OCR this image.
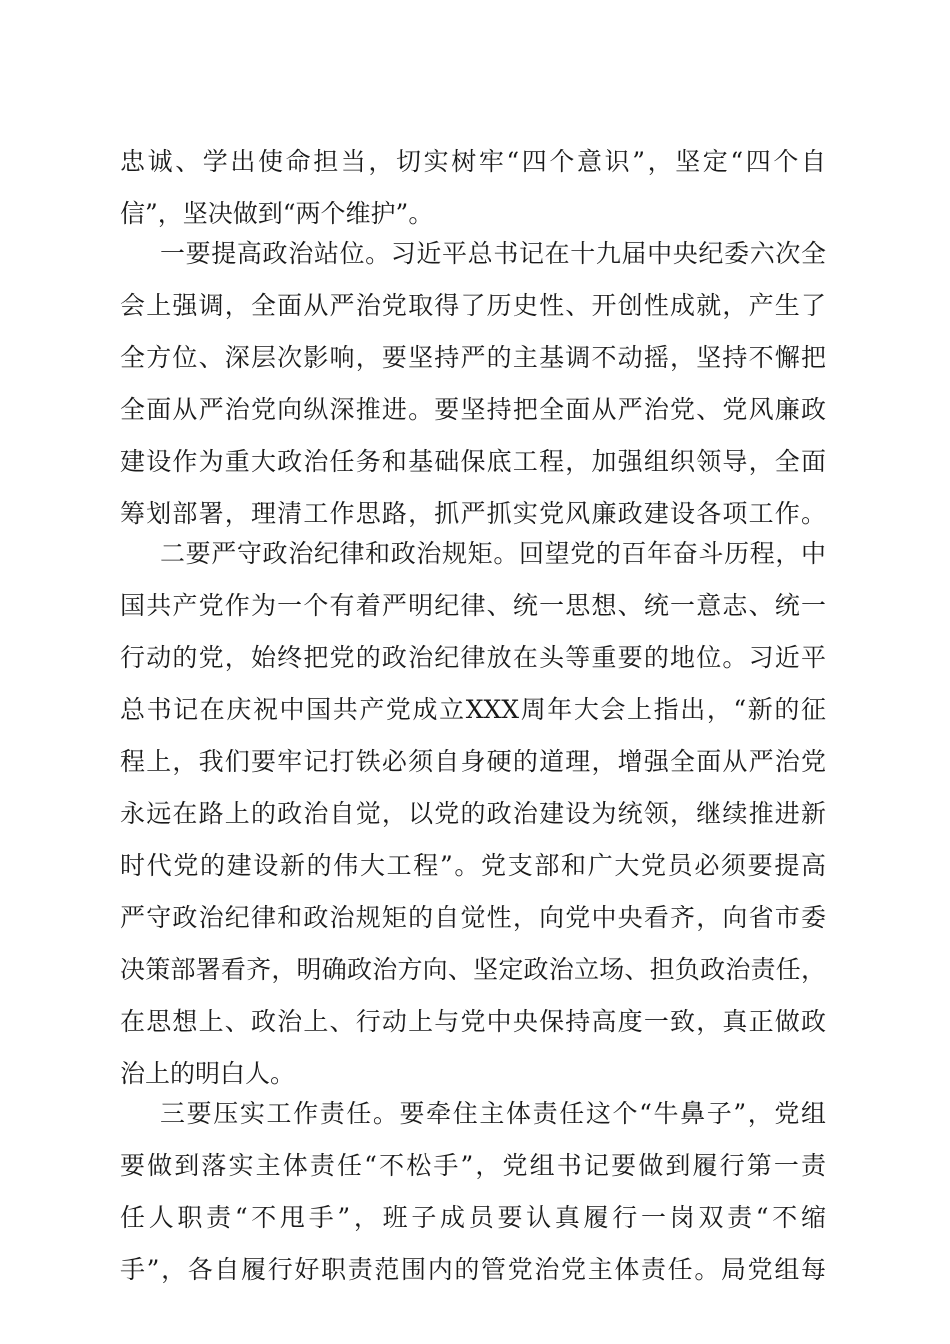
忠诚、学出使命担当，切实树牢“四个意识”，坚定“四个自

信”，坚决做到“两个维护”。

一要提高政治站位。习近平总书记在十九届中央纪委六次全

会上强调，全面从严治党取得了历史性、开创性成就，产生了

全方位、深层次影响，要坚持严的主基调不动摇，坚持不懈把

全面从严治党向纵深推进。要坚持把全面从严治党、党风廉政

建设作为重大政治任务和基础保底工程，加强组织领导，全面

筹划部署，理清工作思路，抓严抓实党风廉政建设各项工作。

二要严守政治纪律和政治规矩。回望党的百年奋斗历程，中

国共产党作为一个有着严明纪律、统一思想、统一意志、统一

行动的党，始终把党的政治纪律放在头等重要的地位。习近平

总书记在庆祝中国共产党成立XXX周年大会上指出，“新的征

程上，我们要牢记打铁必须自身硬的道理，增强全面从严治党

永远在路上的政治自觉，以党的政治建设为统领，继续推进新

时代党的建设新的伟大工程”。党支部和广大党员必须要提高

严守政治纪律和政治规矩的自觉性，向党中央看齐，向省市委

决策部署看齐，明确政治方向、坚定政治立场、担负政治责任，

在思想上、政治上、行动上与党中央保持高度一致，真正做政

治上的明白人。

三要压实工作责任。要牵住主体责任这个“牛鼻子”，党组

要做到落实主体责任“不松手”，党组书记要做到履行第一责

任人职责“不甩手”，班子成员要认真履行一岗双责“不缩

手”，各自履行好职责范围内的管党治党主体责任。局党组每
